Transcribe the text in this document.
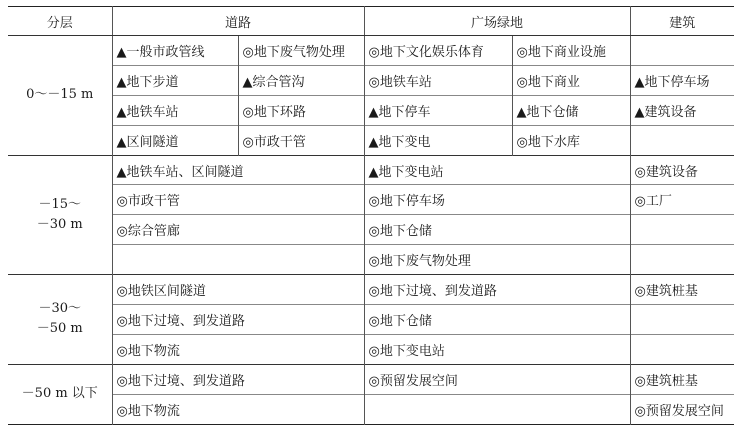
分层	道路		广场绿地		建筑
0～－15 m	▲一般市政管线	◎地下废气物处理	◎地下文化娱乐体育	◎地下商业设施	
	▲地下步道	▲综合管沟	◎地铁车站	◎地下商业	▲地下停车场
	▲地铁车站	◎地下环路	▲地下停车	▲地下仓储	▲建筑设备
	▲区间隧道	◎市政干管	▲地下变电	◎地下水库	

－15～
－30 m	▲地铁车站、区间隧道		▲地下变电站		◎建筑设备
	◎市政干管		◎地下停车场		◎工厂
	◎综合管廊		◎地下仓储		
			◎地下废气物处理		

－30～
－50 m	◎地铁区间隧道		◎地下过境、到发道路		◎建筑桩基
	◎地下过境、到发道路		◎地下仓储		
	◎地下物流		◎地下变电站		
－50 m 以下	◎地下过境、到发道路		◎预留发展空间		◎建筑桩基
	◎地下物流				◎预留发展空间
